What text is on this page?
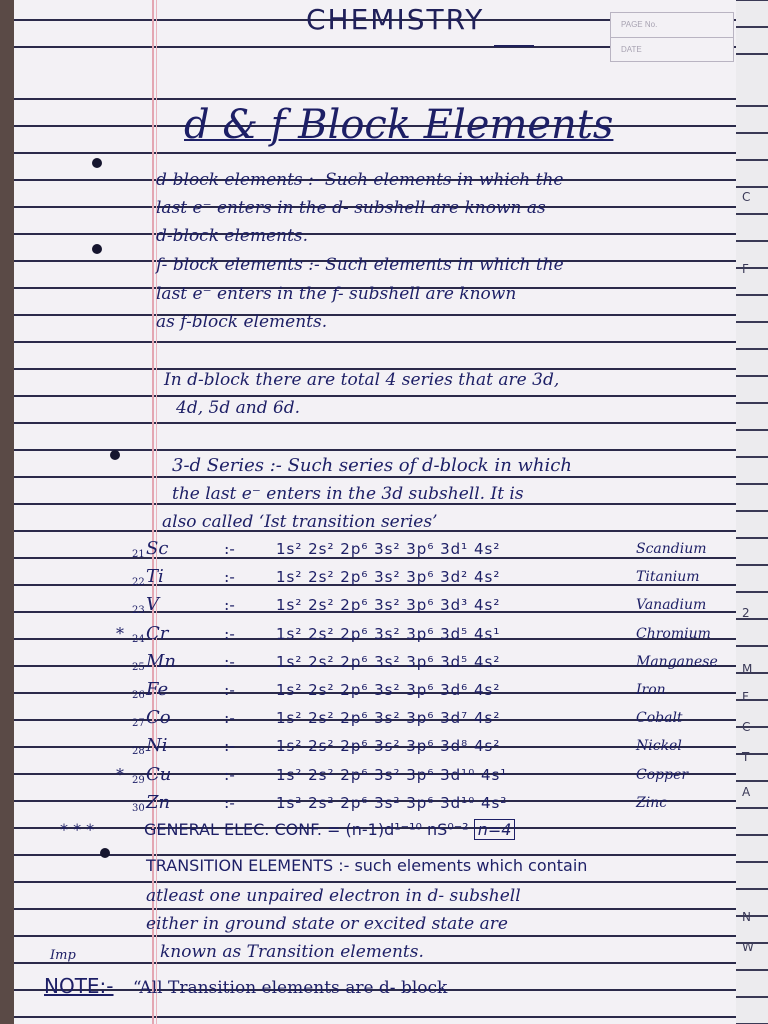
PAGE No.
DATE
CHEMISTRY
d & f Block Elements
d-block elements :- Such elements in which the
last e⁻ enters in the d- subshell are known as
d-block elements.
f- block elements :- Such elements in which the
last e⁻ enters in the f- subshell are known
as f-block elements.
In d-block there are total 4 series that are 3d,
4d, 5d and 6d.
3-d Series :- Such series of d-block in which
the last e⁻ enters in the 3d subshell. It is
also called ‘Ist transition series’
21 Sc	:-	1s² 2s² 2p⁶ 3s² 3p⁶ 3d¹ 4s²	Scandium
22 Ti	:-	1s² 2s² 2p⁶ 3s² 3p⁶ 3d² 4s²	Titanium
23 V	:-	1s² 2s² 2p⁶ 3s² 3p⁶ 3d³ 4s²	Vanadium
* 24 Cr	:-	1s² 2s² 2p⁶ 3s² 3p⁶ 3d⁵ 4s¹	Chromium
25 Mn	:-	1s² 2s² 2p⁶ 3s² 3p⁶ 3d⁵ 4s²	Manganese
26 Fe	:-	1s² 2s² 2p⁶ 3s² 3p⁶ 3d⁶ 4s²	Iron
27 Co	:-	1s² 2s² 2p⁶ 3s² 3p⁶ 3d⁷ 4s²	Cobalt
28 Ni	:-	1s² 2s² 2p⁶ 3s² 3p⁶ 3d⁸ 4s²	Nickel
* 29 Cu	:-	1s² 2s² 2p⁶ 3s² 3p⁶ 3d¹⁰ 4s¹	Copper
30 Zn	:-	1s² 2s² 2p⁶ 3s² 3p⁶ 3d¹⁰ 4s²	Zinc
* * *	GENERAL ELEC. CONF. = (n-1)d¹⁻¹⁰ nS⁰⁻² n=4
TRANSITION ELEMENTS :- such elements which contain
atleast one unpaired electron in d- subshell
either in ground state or excited state are
Imp	known as Transition elements.
NOTE:- “All Transition elements are d- block
C
F
2
M
F
C
T
A
N
W
